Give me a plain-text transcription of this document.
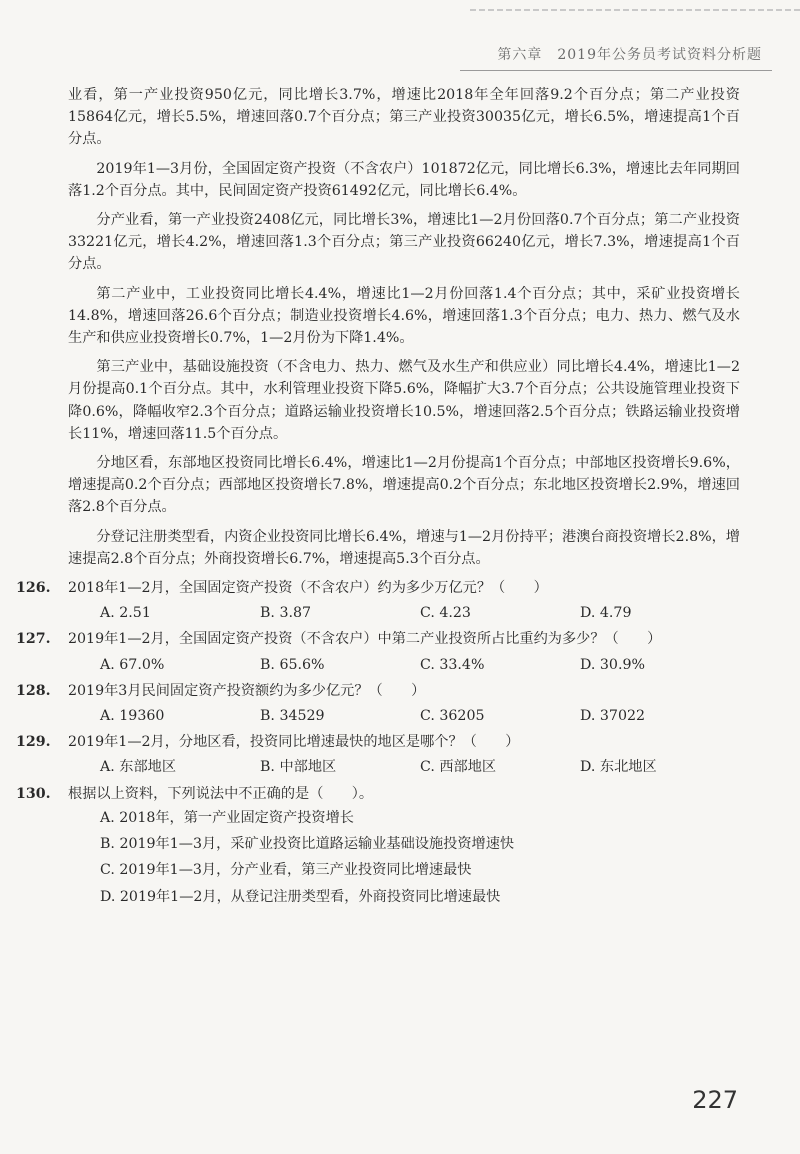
第六章　2019年公务员考试资料分析题

业看，第一产业投资950亿元，同比增长3.7%，增速比2018年全年回落9.2个百分点；第二产业投资15864亿元，增长5.5%，增速回落0.7个百分点；第三产业投资30035亿元，增长6.5%，增速提高1个百分点。

2019年1—3月份，全国固定资产投资（不含农户）101872亿元，同比增长6.3%，增速比去年同期回落1.2个百分点。其中，民间固定资产投资61492亿元，同比增长6.4%。

分产业看，第一产业投资2408亿元，同比增长3%，增速比1—2月份回落0.7个百分点；第二产业投资33221亿元，增长4.2%，增速回落1.3个百分点；第三产业投资66240亿元，增长7.3%，增速提高1个百分点。

第二产业中，工业投资同比增长4.4%，增速比1—2月份回落1.4个百分点；其中，采矿业投资增长14.8%，增速回落26.6个百分点；制造业投资增长4.6%，增速回落1.3个百分点；电力、热力、燃气及水生产和供应业投资增长0.7%，1—2月份为下降1.4%。

第三产业中，基础设施投资（不含电力、热力、燃气及水生产和供应业）同比增长4.4%，增速比1—2月份提高0.1个百分点。其中，水利管理业投资下降5.6%，降幅扩大3.7个百分点；公共设施管理业投资下降0.6%，降幅收窄2.3个百分点；道路运输业投资增长10.5%，增速回落2.5个百分点；铁路运输业投资增长11%，增速回落11.5个百分点。

分地区看，东部地区投资同比增长6.4%，增速比1—2月份提高1个百分点；中部地区投资增长9.6%，增速提高0.2个百分点；西部地区投资增长7.8%，增速提高0.2个百分点；东北地区投资增长2.9%，增速回落2.8个百分点。

分登记注册类型看，内资企业投资同比增长6.4%，增速与1—2月份持平；港澳台商投资增长2.8%，增速提高2.8个百分点；外商投资增长6.7%，增速提高5.3个百分点。

126. 2018年1—2月，全国固定资产投资（不含农户）约为多少万亿元？（　　）
A. 2.51	B. 3.87	C. 4.23	D. 4.79
127. 2019年1—2月，全国固定资产投资（不含农户）中第二产业投资所占比重约为多少？（　　）
A. 67.0%	B. 65.6%	C. 33.4%	D. 30.9%
128. 2019年3月民间固定资产投资额约为多少亿元？（　　）
A. 19360	B. 34529	C. 36205	D. 37022
129. 2019年1—2月，分地区看，投资同比增速最快的地区是哪个？（　　）
A. 东部地区	B. 中部地区	C. 西部地区	D. 东北地区
130. 根据以上资料，下列说法中不正确的是（　　）。
A. 2018年，第一产业固定资产投资增长
B. 2019年1—3月，采矿业投资比道路运输业基础设施投资增速快
C. 2019年1—3月，分产业看，第三产业投资同比增速最快
D. 2019年1—2月，从登记注册类型看，外商投资同比增速最快
227
